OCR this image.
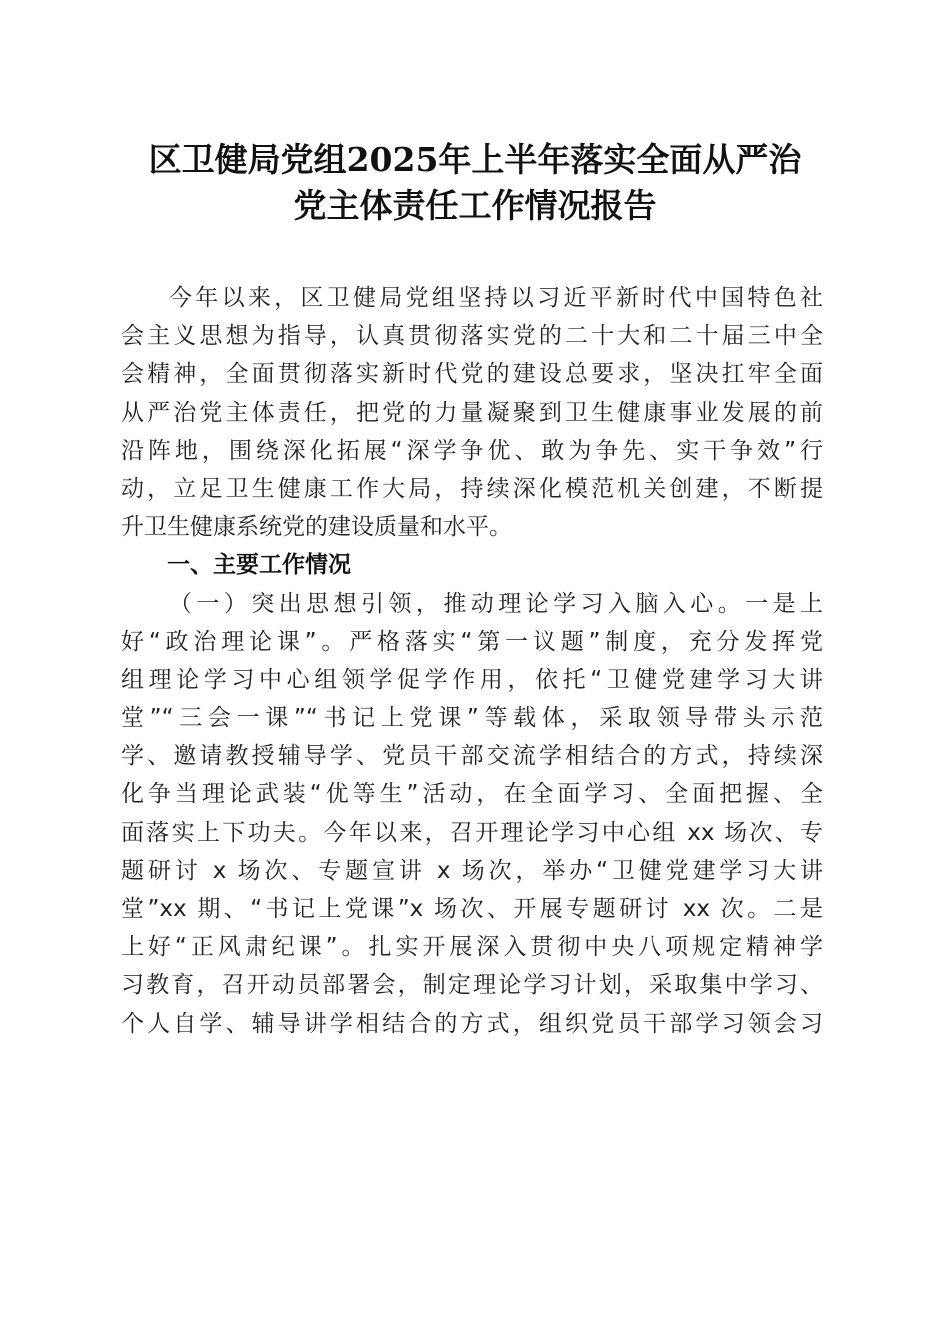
区卫健局党组2025年上半年落实全面从严治
党主体责任工作情况报告
今年以来，区卫健局党组坚持以习近平新时代中国特色社
会主义思想为指导，认真贯彻落实党的二十大和二十届三中全
会精神，全面贯彻落实新时代党的建设总要求，坚决扛牢全面
从严治党主体责任，把党的力量凝聚到卫生健康事业发展的前
沿阵地，围绕深化拓展“深学争优、敢为争先、实干争效”行
动，立足卫生健康工作大局，持续深化模范机关创建，不断提
升卫生健康系统党的建设质量和水平。
一、主要工作情况
（一）突出思想引领，推动理论学习入脑入心。一是上
好“政治理论课”。严格落实“第一议题”制度，充分发挥党
组理论学习中心组领学促学作用，依托“卫健党建学习大讲
堂”“三会一课”“书记上党课”等载体，采取领导带头示范
学、邀请教授辅导学、党员干部交流学相结合的方式，持续深
化争当理论武装“优等生”活动，在全面学习、全面把握、全
面落实上下功夫。今年以来，召开理论学习中心组 xx 场次、专
题研讨 x 场次、专题宣讲 x 场次，举办“卫健党建学习大讲
堂”xx 期、“书记上党课”x 场次、开展专题研讨 xx 次。二是
上好“正风肃纪课”。扎实开展深入贯彻中央八项规定精神学
习教育，召开动员部署会，制定理论学习计划，采取集中学习、
个人自学、辅导讲学相结合的方式，组织党员干部学习领会习
